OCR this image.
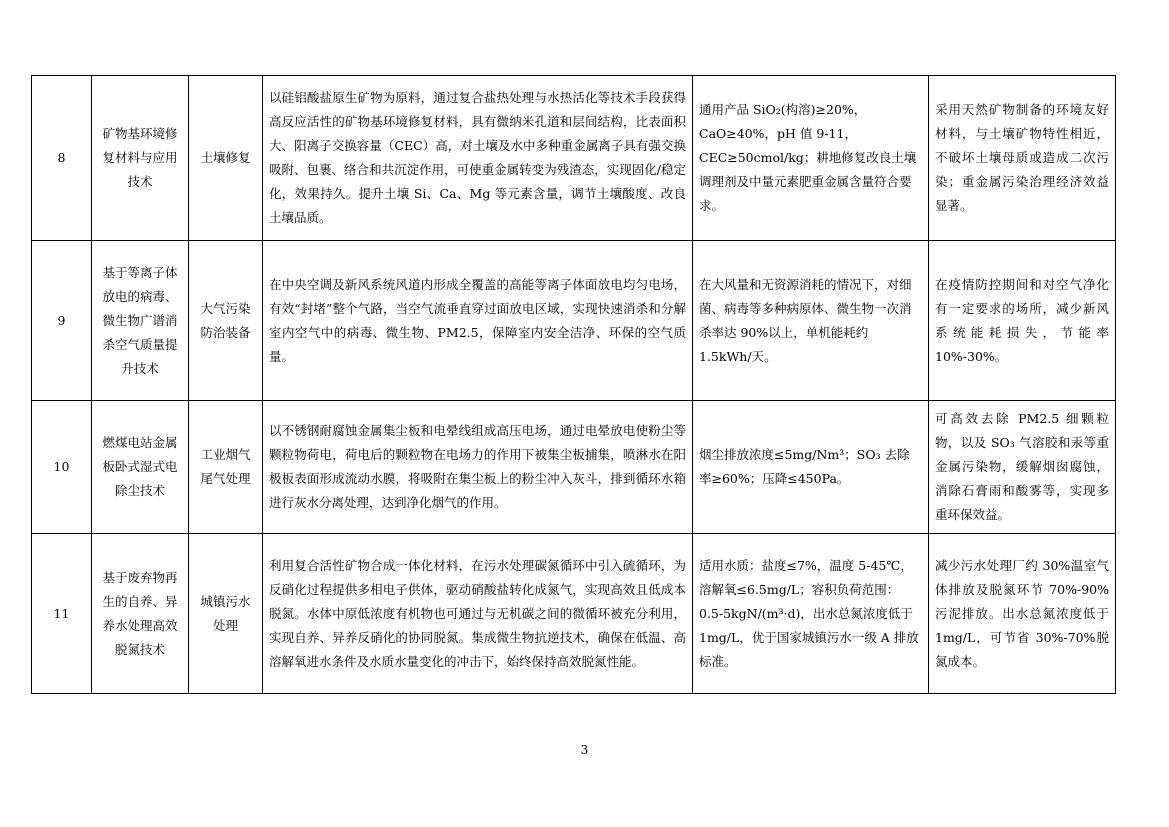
8	矿物基环境修复材料与应用技术	土壤修复	以硅铝酸盐原生矿物为原料，通过复合盐热处理与水热活化等技术手段获得高反应活性的矿物基环境修复材料，具有微纳米孔道和层间结构，比表面积大、阳离子交换容量（CEC）高，对土壤及水中多种重金属离子具有强交换吸附、包裹、络合和共沉淀作用，可使重金属转变为残渣态，实现固化/稳定化，效果持久。提升土壤 Si、Ca、Mg 等元素含量，调节土壤酸度、改良土壤品质。	通用产品 SiO₂(构溶)≥20%，CaO≥40%，pH 值 9-11，CEC≥50cmol/kg；耕地修复改良土壤调理剂及中量元素肥重金属含量符合要求。	采用天然矿物制备的环境友好材料，与土壤矿物特性相近，不破坏土壤母质或造成二次污染；重金属污染治理经济效益显著。
9	基于等离子体放电的病毒、微生物广谱消杀空气质量提升技术	大气污染防治装备	在中央空调及新风系统风道内形成全覆盖的高能等离子体面放电均匀电场，有效“封堵”整个气路，当空气流垂直穿过面放电区域，实现快速消杀和分解室内空气中的病毒、微生物、PM2.5，保障室内安全洁净、环保的空气质量。	在大风量和无资源消耗的情况下，对细菌、病毒等多种病原体、微生物一次消杀率达 90%以上，单机能耗约 1.5kWh/天。	在疫情防控期间和对空气净化有一定要求的场所，减少新风系统能耗损失，节能率 10%-30%。
10	燃煤电站金属板卧式湿式电除尘技术	工业烟气尾气处理	以不锈钢耐腐蚀金属集尘板和电晕线组成高压电场，通过电晕放电使粉尘等颗粒物荷电，荷电后的颗粒物在电场力的作用下被集尘板捕集，喷淋水在阳极板表面形成流动水膜，将吸附在集尘板上的粉尘冲入灰斗，排到循环水箱进行灰水分离处理，达到净化烟气的作用。	烟尘排放浓度≤5mg/Nm³；SO₃ 去除率≥60%；压降≤450Pa。	可高效去除 PM2.5 细颗粒物，以及 SO₃ 气溶胶和汞等重金属污染物，缓解烟囱腐蚀，消除石膏雨和酸雾等，实现多重环保效益。
11	基于废弃物再生的自养、异养水处理高效脱氮技术	城镇污水处理	利用复合活性矿物合成一体化材料，在污水处理碳氮循环中引入硫循环，为反硝化过程提供多相电子供体，驱动硝酸盐转化成氮气，实现高效且低成本脱氮。水体中原低浓度有机物也可通过与无机碳之间的微循环被充分利用，实现自养、异养反硝化的协同脱氮。集成微生物抗逆技术，确保在低温、高溶解氧进水条件及水质水量变化的冲击下，始终保持高效脱氮性能。	适用水质：盐度≤7%，温度 5-45℃，溶解氧≤6.5mg/L；容积负荷范围：0.5-5kgN/(m³·d)，出水总氮浓度低于 1mg/L，优于国家城镇污水一级 A 排放标准。	减少污水处理厂约 30%温室气体排放及脱氮环节 70%-90%污泥排放。出水总氮浓度低于 1mg/L，可节省 30%-70%脱氮成本。
3
